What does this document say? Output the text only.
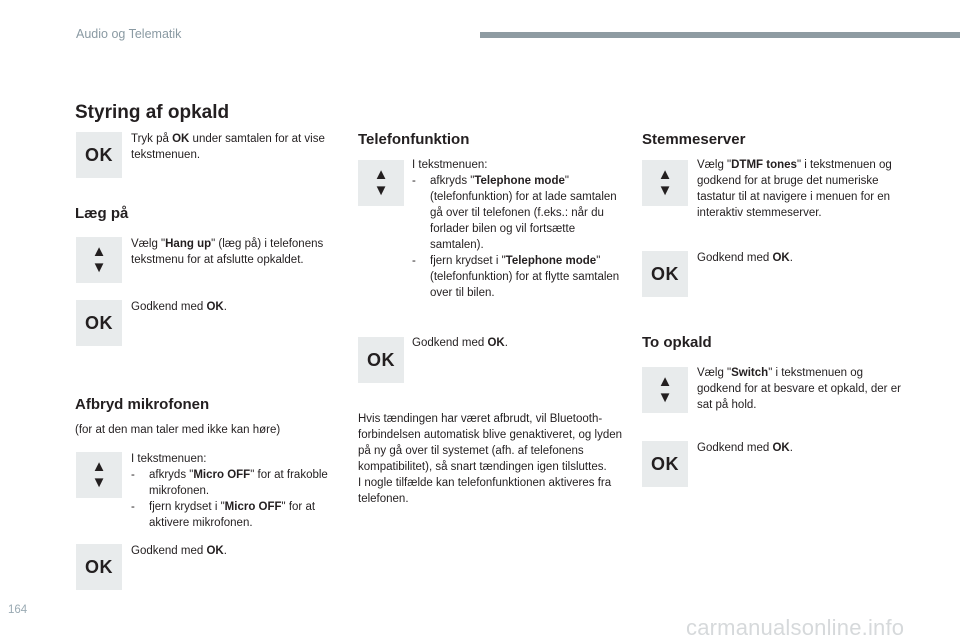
Audio og Telematik
Styring af opkald
OK
Tryk på OK under samtalen for at vise tekstmenuen.
Læg på
▲
▼
Vælg "Hang up" (læg på) i telefonens tekstmenu for at afslutte opkaldet.
OK
Godkend med OK.
Afbryd mikrofonen
(for at den man taler med ikke kan høre)
▲
▼
I tekstmenuen:
- afkryds "Micro OFF" for at frakoble mikrofonen.
- fjern krydset i "Micro OFF" for at aktivere mikrofonen.
OK
Godkend med OK.
Telefonfunktion
▲
▼
I tekstmenuen:
- afkryds "Telephone mode" (telefonfunktion) for at lade samtalen gå over til telefonen (f.eks.: når du forlader bilen og vil fortsætte samtalen).
- fjern krydset i "Telephone mode" (telefonfunktion) for at flytte samtalen over til bilen.
OK
Godkend med OK.
Hvis tændingen har været afbrudt, vil Bluetooth-forbindelsen automatisk blive genaktiveret, og lyden på ny gå over til systemet (afh. af telefonens kompatibilitet), så snart tændingen igen tilsluttes.
I nogle tilfælde kan telefonfunktionen aktiveres fra telefonen.
Stemmeserver
▲
▼
Vælg "DTMF tones" i tekstmenuen og godkend for at bruge det numeriske tastatur til at navigere i menuen for en interaktiv stemmeserver.
OK
Godkend med OK.
To opkald
▲
▼
Vælg "Switch" i tekstmenuen og godkend for at besvare et opkald, der er sat på hold.
OK
Godkend med OK.
164
carmanualsonline.info
